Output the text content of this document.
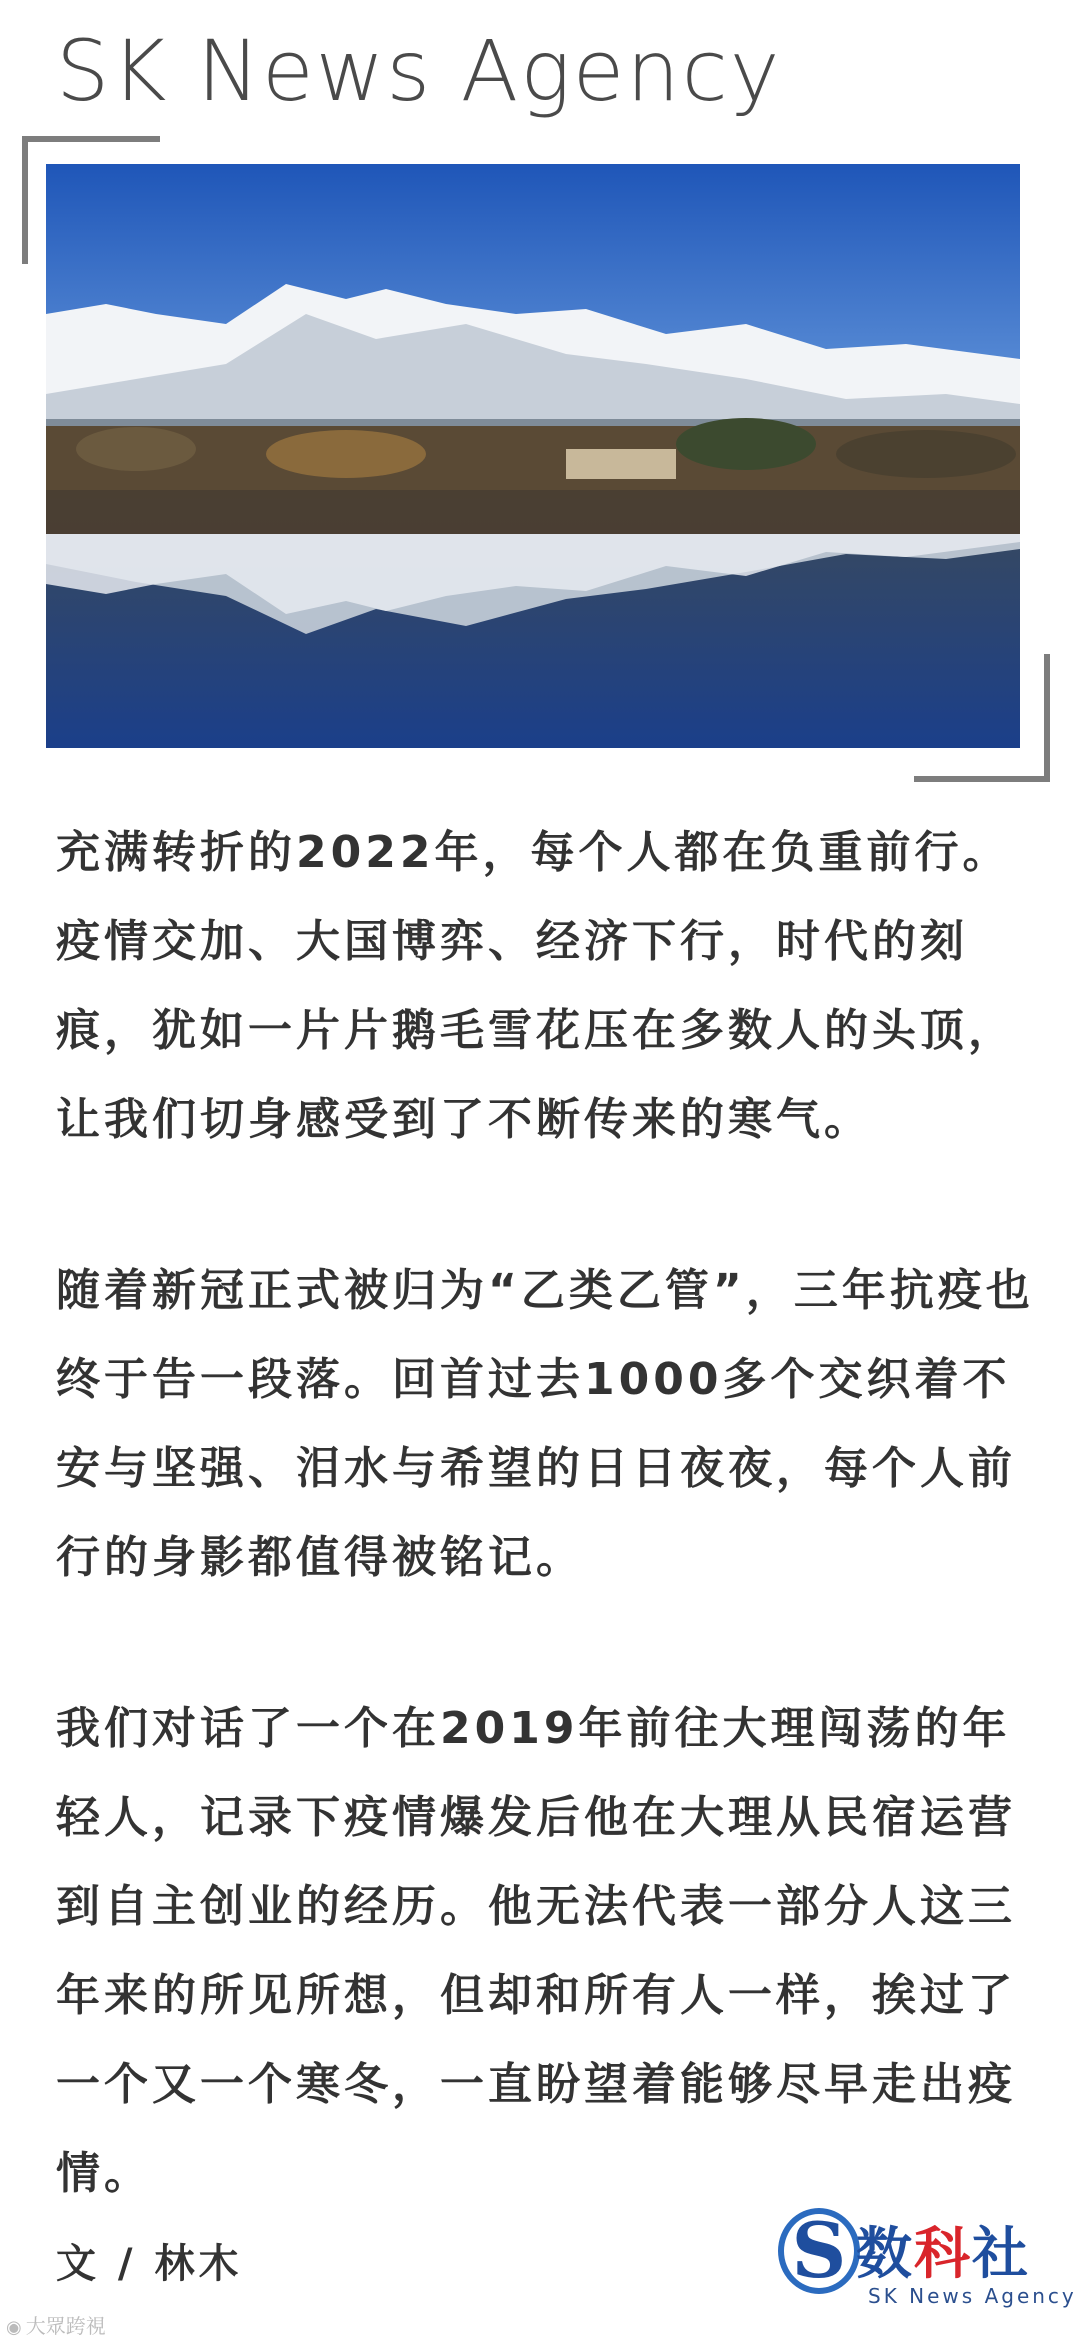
SK News Agency

充满转折的2022年，每个人都在负重前行。疫情交加、大国博弈、经济下行，时代的刻痕，犹如一片片鹅毛雪花压在多数人的头顶，让我们切身感受到了不断传来的寒气。

随着新冠正式被归为“乙类乙管”，三年抗疫也终于告一段落。回首过去1000多个交织着不安与坚强、泪水与希望的日日夜夜，每个人前行的身影都值得被铭记。

我们对话了一个在2019年前往大理闯荡的年轻人，记录下疫情爆发后他在大理从民宿运营到自主创业的经历。他无法代表一部分人这三年来的所见所想，但却和所有人一样，挨过了一个又一个寒冬，一直盼望着能够尽早走出疫情。

文 / 林木	S 数科社
SK News Agency
◉ 大眾跨視
